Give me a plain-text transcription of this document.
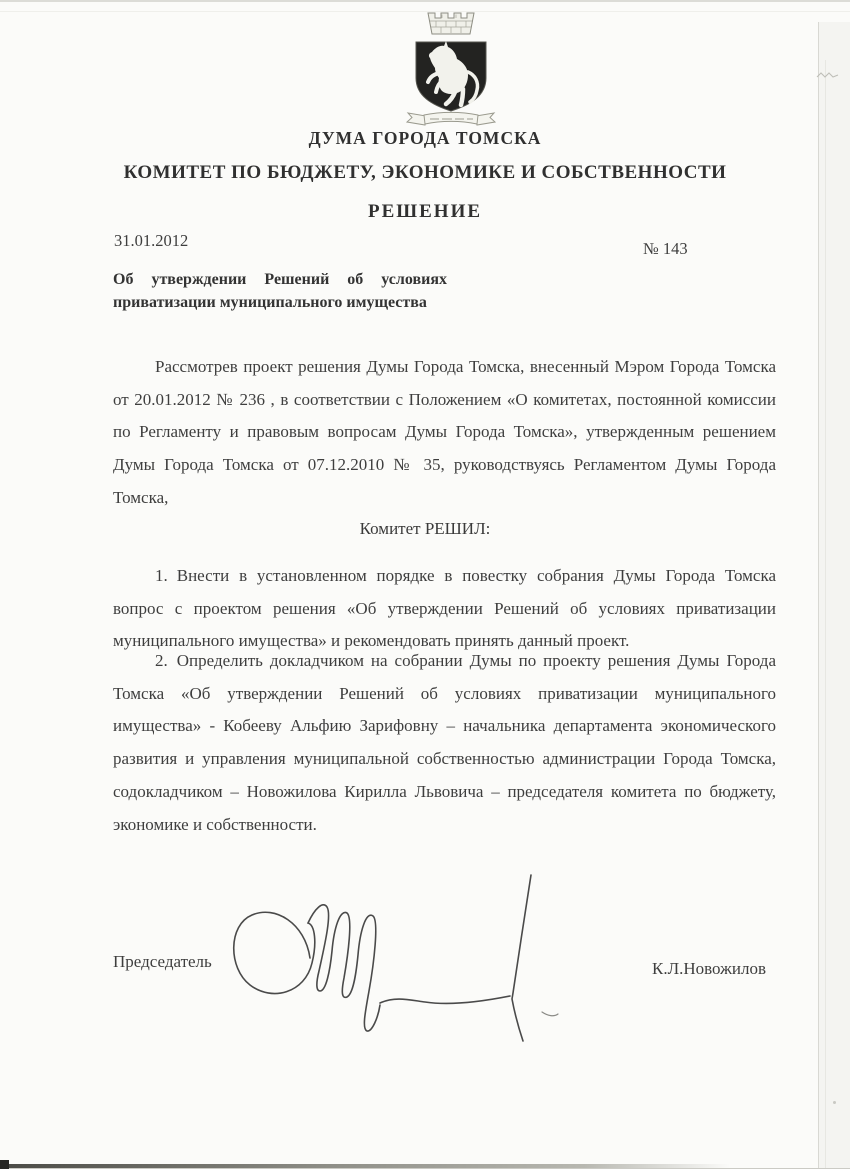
ДУМА ГОРОДА ТОМСКА
КОМИТЕТ ПО БЮДЖЕТУ, ЭКОНОМИКЕ И СОБСТВЕННОСТИ
РЕШЕНИЕ
31.01.2012	№ 143
Об утверждении Решений об условиях приватизации муниципального имущества
Рассмотрев проект решения Думы Города Томска, внесенный Мэром Города Томска от 20.01.2012 № 236 , в соответствии с Положением «О комитетах, постоянной комиссии по Регламенту и правовым вопросам Думы Города Томска», утвержденным решением Думы Города Томска от 07.12.2010 № 35, руководствуясь Регламентом Думы Города Томска,
Комитет РЕШИЛ:
1. Внести в установленном порядке в повестку собрания Думы Города Томска вопрос с проектом решения «Об утверждении Решений об условиях приватизации муниципального имущества» и рекомендовать принять данный проект.
2. Определить докладчиком на собрании Думы по проекту решения Думы Города Томска «Об утверждении Решений об условиях приватизации муниципального имущества» - Кобееву Альфию Зарифовну – начальника департамента экономического развития и управления муниципальной собственностью администрации Города Томска, содокладчиком – Новожилова Кирилла Львовича – председателя комитета по бюджету, экономике и собственности.
Председатель	К.Л.Новожилов
